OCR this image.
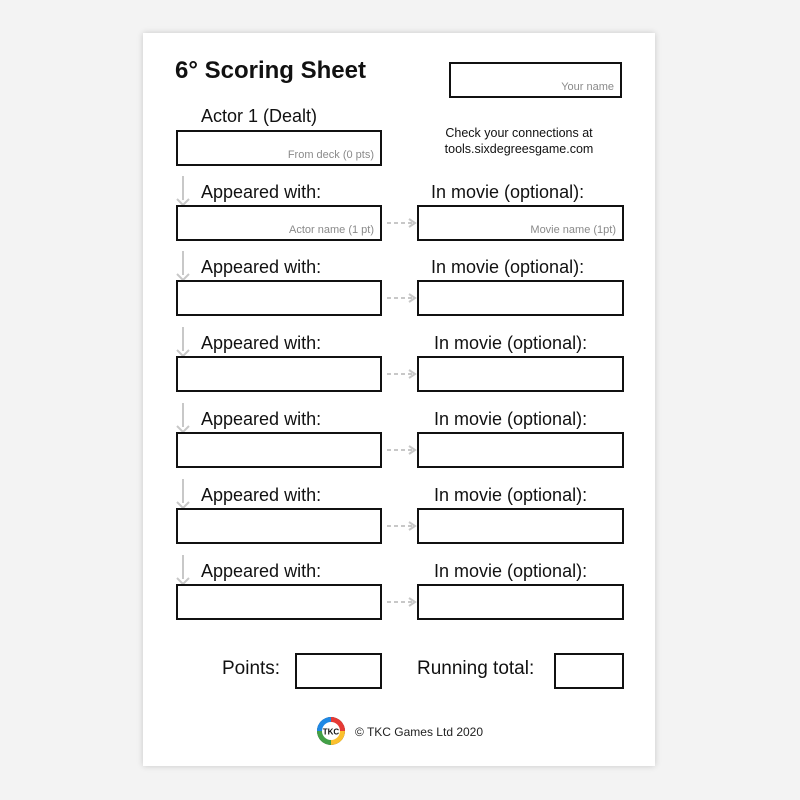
6° Scoring Sheet
Your name
Actor 1 (Dealt)
From deck (0 pts)
Check your connections at
tools.sixdegreesgame.com
Appeared with:	In movie (optional):
Actor name (1 pt)	Movie name (1pt)
Appeared with:	In movie (optional):
Appeared with:	In movie (optional):
Appeared with:	In movie (optional):
Appeared with:	In movie (optional):
Appeared with:	In movie (optional):
Points:	Running total:
TKC © TKC Games Ltd 2020
